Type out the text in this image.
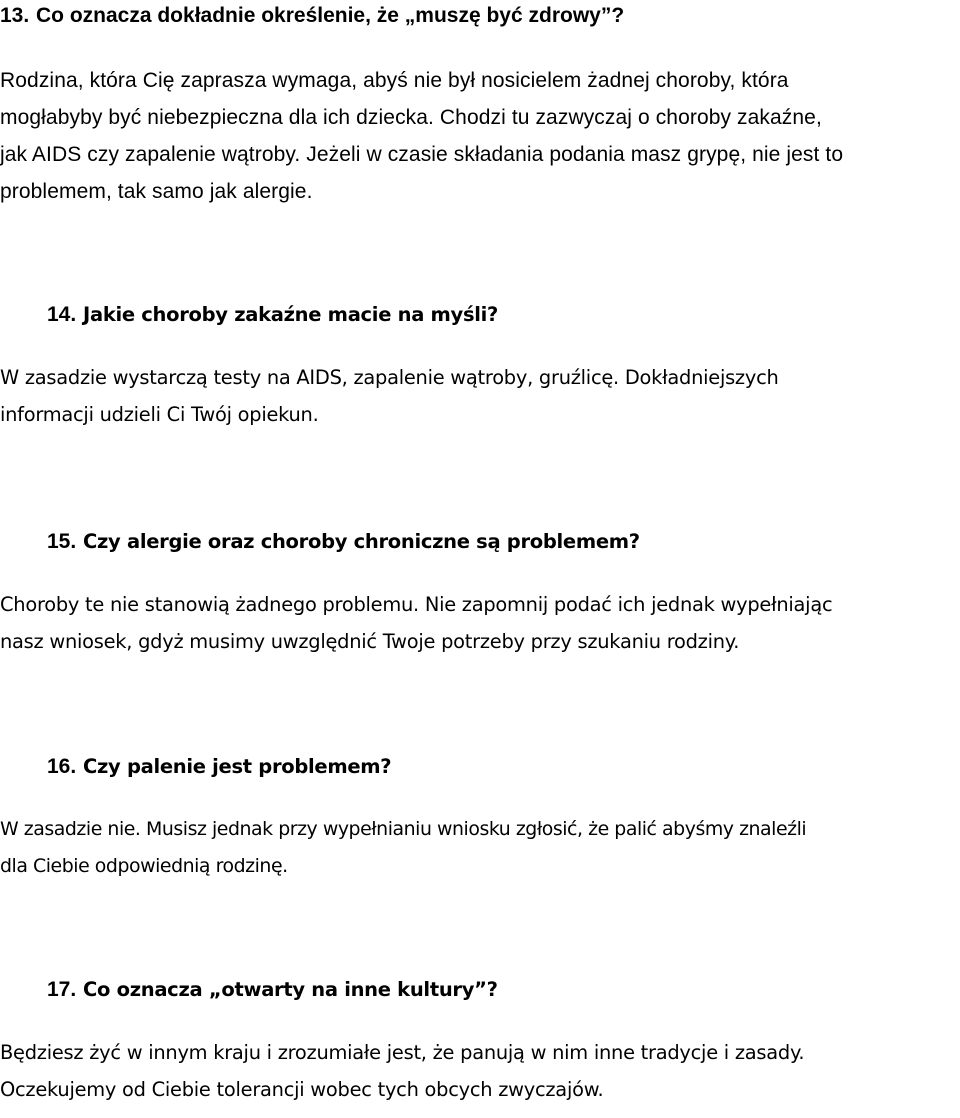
13. Co oznacza dokładnie określenie, że „muszę być zdrowy”?

Rodzina, która Cię zaprasza wymaga, abyś nie był nosicielem żadnej choroby, która
mogłabyby być niebezpieczna dla ich dziecka. Chodzi tu zazwyczaj o choroby zakaźne,
jak AIDS czy zapalenie wątroby. Jeżeli w czasie składania podania masz grypę, nie jest to
problemem, tak samo jak alergie.

14. Jakie choroby zakaźne macie na myśli?

W zasadzie wystarczą testy na AIDS, zapalenie wątroby, gruźlicę. Dokładniejszych
informacji udzieli Ci Twój opiekun.

15. Czy alergie oraz choroby chroniczne są problemem?

Choroby te nie stanowią żadnego problemu. Nie zapomnij podać ich jednak wypełniając
nasz wniosek, gdyż musimy uwzględnić Twoje potrzeby przy szukaniu rodziny.

16. Czy palenie jest problemem?

W zasadzie nie. Musisz jednak przy wypełnianiu wniosku zgłosić, że palić abyśmy znaleźli
dla Ciebie odpowiednią rodzinę.

17. Co oznacza „otwarty na inne kultury”?

Będziesz żyć w innym kraju i zrozumiałe jest, że panują w nim inne tradycje i zasady.
Oczekujemy od Ciebie tolerancji wobec tych obcych zwyczajów.
